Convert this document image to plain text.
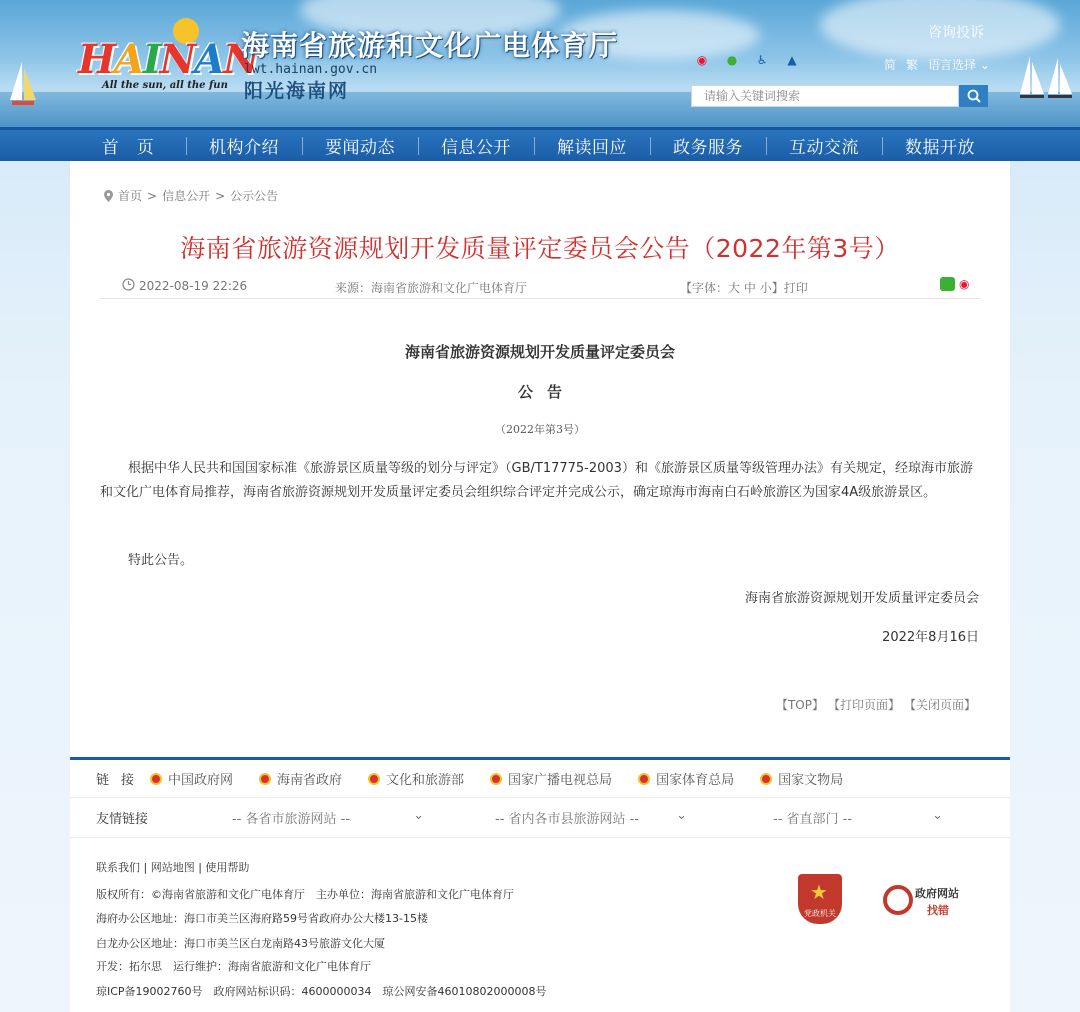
HAINAN
All the sun, all the fun
海南省旅游和文化广电体育厅
lwt.hainan.gov.cn
阳光海南网
咨询投诉
◉	●	♿	▲	简 繁 语言选择 ⌄
请输入关键词搜索
首　页	机构介绍	要闻动态	信息公开	解读回应	政务服务	互动交流	数据开放
首页 > 信息公开 > 公示公告
海南省旅游资源规划开发质量评定委员会公告（2022年第3号）
2022-08-19 22:26	来源：海南省旅游和文化广电体育厅	【字体：大 中 小】打印	◉
海南省旅游资源规划开发质量评定委员会
公告
（2022年第3号）

根据中华人民共和国国家标准《旅游景区质量等级的划分与评定》（GB/T17775-2003）和《旅游景区质量等级管理办法》有关规定，经琼海市旅游和文化广电体育局推荐，海南省旅游资源规划开发质量评定委员会组织综合评定并完成公示，确定琼海市海南白石岭旅游区为国家4A级旅游景区。

特此公告。
海南省旅游资源规划开发质量评定委员会
2022年8月16日
【TOP】 【打印页面】 【关闭页面】
链接	中国政府网	海南省政府	文化和旅游部	国家广播电视总局	国家体育总局	国家文物局
友情链接	-- 各省市旅游网站 --	⌄	-- 省内各市县旅游网站 --	⌄	-- 省直部门 --	⌄
联系我们 | 网站地图 | 使用帮助
版权所有：©海南省旅游和文化广电体育厅　主办单位：海南省旅游和文化广电体育厅
海府办公区地址：海口市美兰区海府路59号省政府办公大楼13-15楼
白龙办公区地址：海口市美兰区白龙南路43号旅游文化大厦
开发：拓尔思　运行维护：海南省旅游和文化广电体育厅
琼ICP备19002760号　政府网站标识码：4600000034　琼公网安备46010802000008号
★
党政机关
政府网站
找错
